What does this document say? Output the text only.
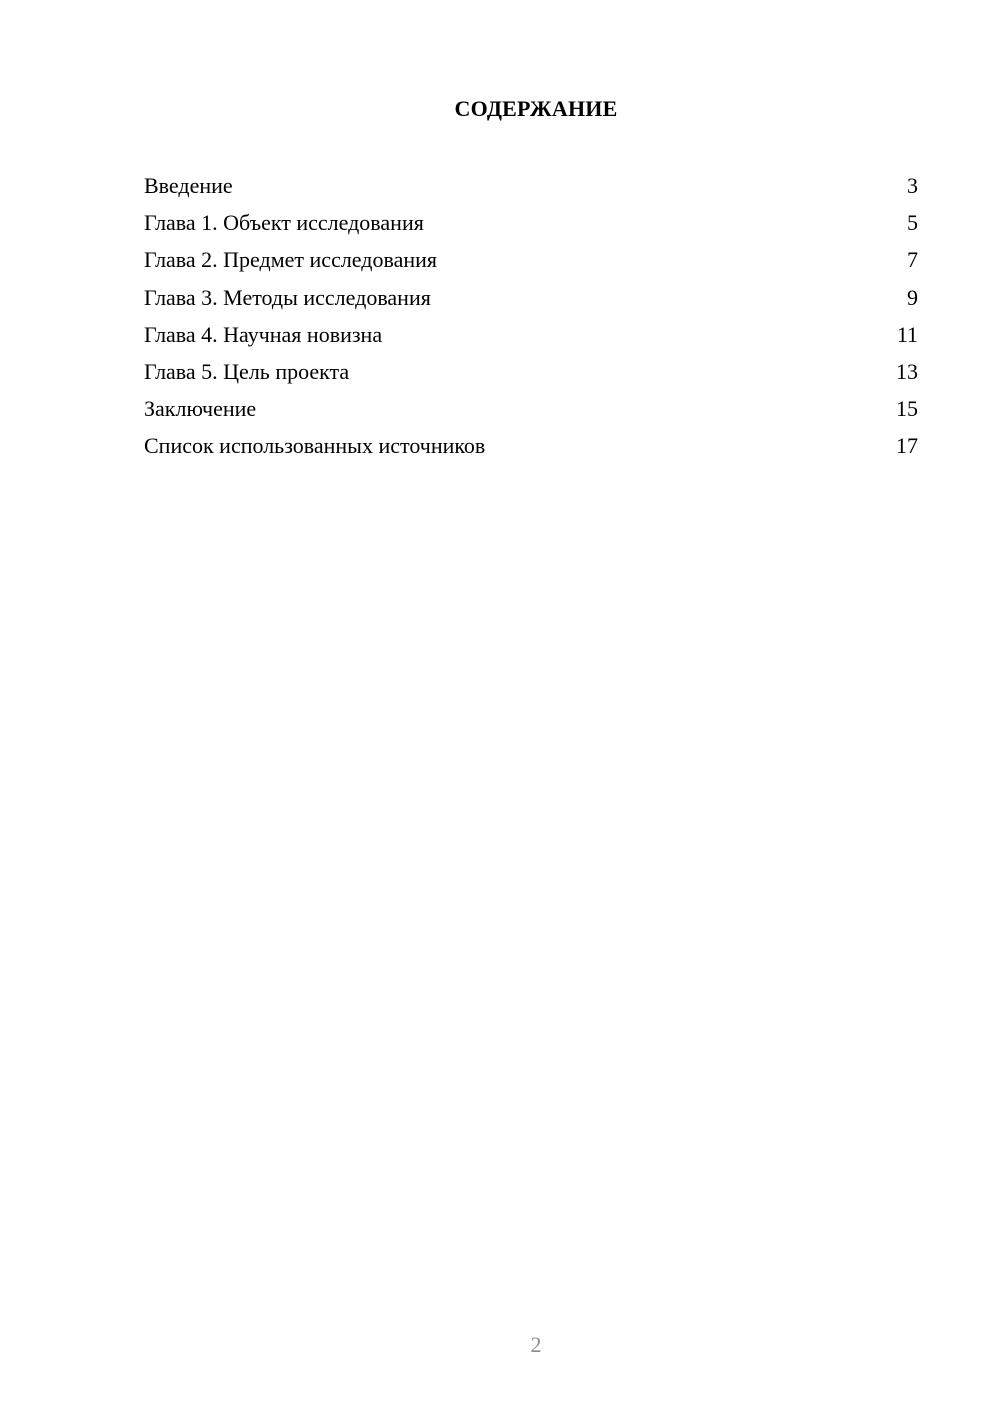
СОДЕРЖАНИЕ
Введение	3
Глава 1. Объект исследования	5
Глава 2. Предмет исследования	7
Глава 3. Методы исследования	9
Глава 4. Научная новизна	11
Глава 5. Цель проекта	13
Заключение	15
Список использованных источников	17
2
